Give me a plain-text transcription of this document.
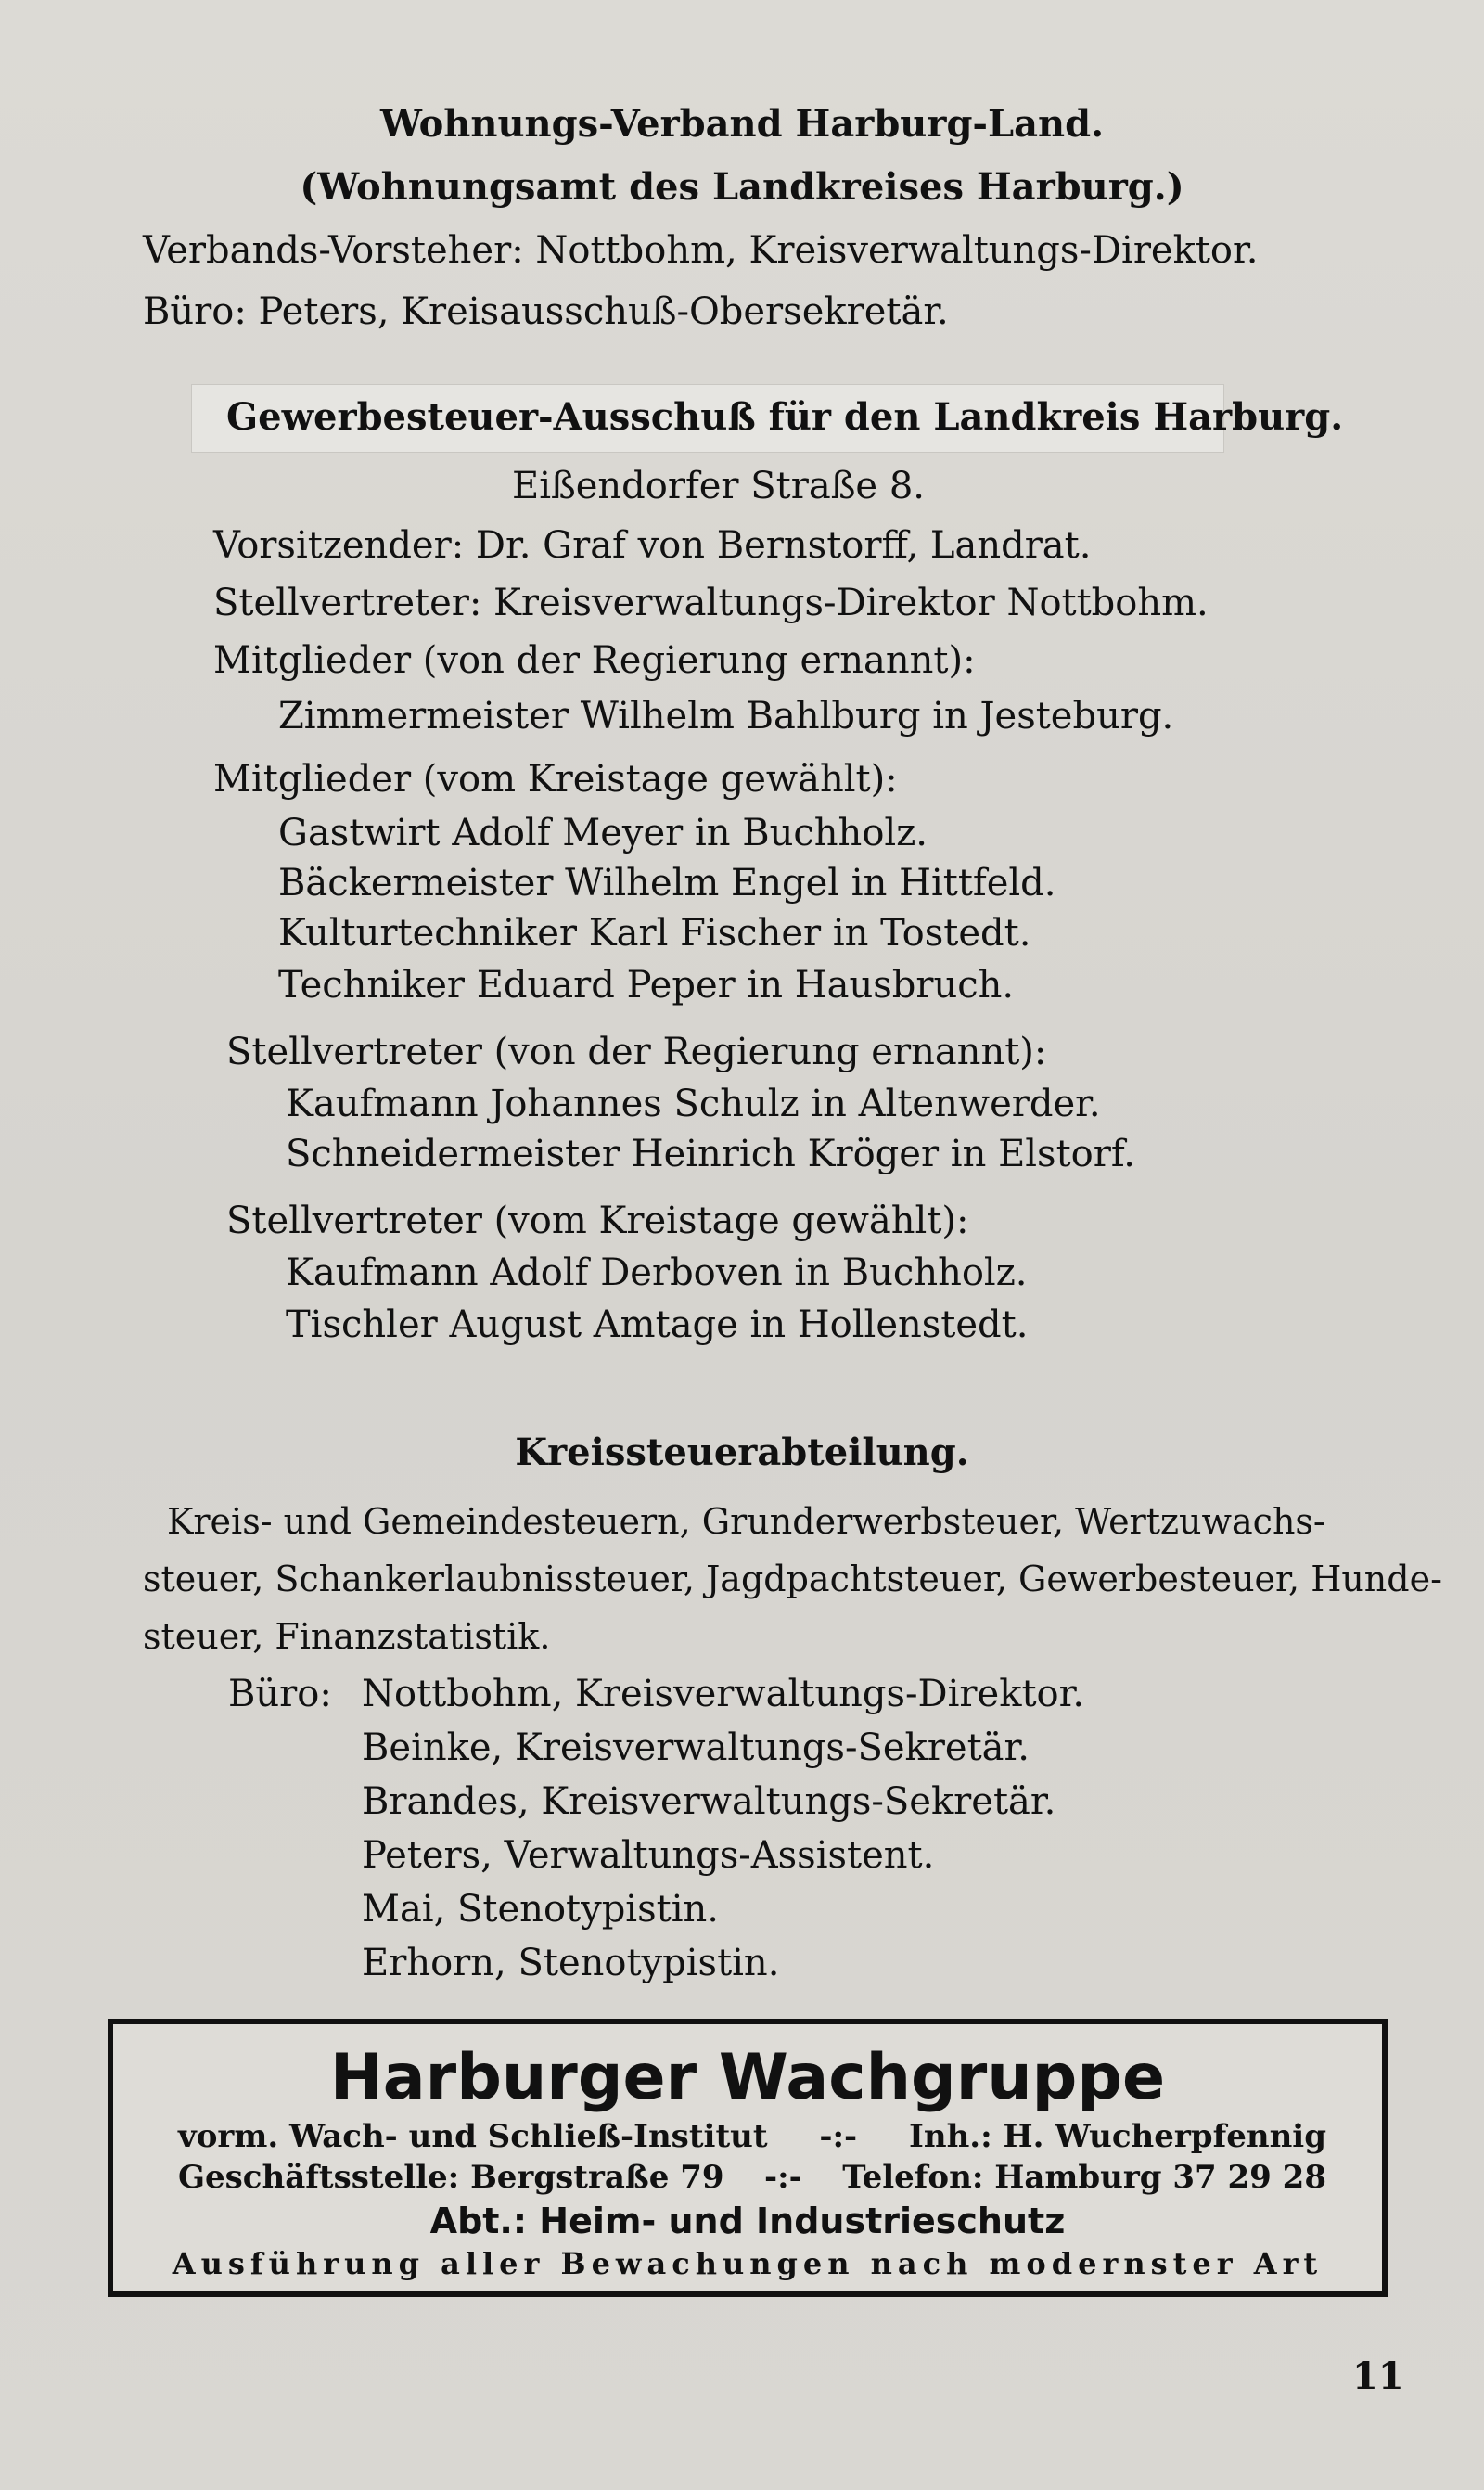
Wohnungs-Verband Harburg-Land.
(Wohnungsamt des Landkreises Harburg.)
Verbands-Vorsteher: Nottbohm, Kreisverwaltungs-Direktor.
Büro: Peters, Kreisausschuß-Obersekretär.
Gewerbesteuer-Ausschuß für den Landkreis Harburg.
Eißendorfer Straße 8.
Vorsitzender: Dr. Graf von Bernstorff, Landrat.
Stellvertreter: Kreisverwaltungs-Direktor Nottbohm.
Mitglieder (von der Regierung ernannt):
Zimmermeister Wilhelm Bahlburg in Jesteburg.
Mitglieder (vom Kreistage gewählt):
Gastwirt Adolf Meyer in Buchholz.
Bäckermeister Wilhelm Engel in Hittfeld.
Kulturtechniker Karl Fischer in Tostedt.
Techniker Eduard Peper in Hausbruch.
Stellvertreter (von der Regierung ernannt):
Kaufmann Johannes Schulz in Altenwerder.
Schneidermeister Heinrich Kröger in Elstorf.
Stellvertreter (vom Kreistage gewählt):
Kaufmann Adolf Derboven in Buchholz.
Tischler August Amtage in Hollenstedt.
Kreissteuerabteilung.
Kreis- und Gemeindesteuern, Grunderwerbsteuer, Wertzuwachs-
steuer, Schankerlaubnissteuer, Jagdpachtsteuer, Gewerbesteuer, Hunde-
steuer, Finanzstatistik.
Büro: Nottbohm, Kreisverwaltungs-Direktor.
Beinke, Kreisverwaltungs-Sekretär.
Brandes, Kreisverwaltungs-Sekretär.
Peters, Verwaltungs-Assistent.
Mai, Stenotypistin.
Erhorn, Stenotypistin.
Harburger Wachgruppe
vorm. Wach- und Schließ-Institut -:- Inh.: H. Wucherpfennig
Geschäftsstelle: Bergstraße 79 -:- Telefon: Hamburg 37 29 28
Abt.: Heim- und Industrieschutz
Ausführung aller Bewachungen nach modernster Art
11
